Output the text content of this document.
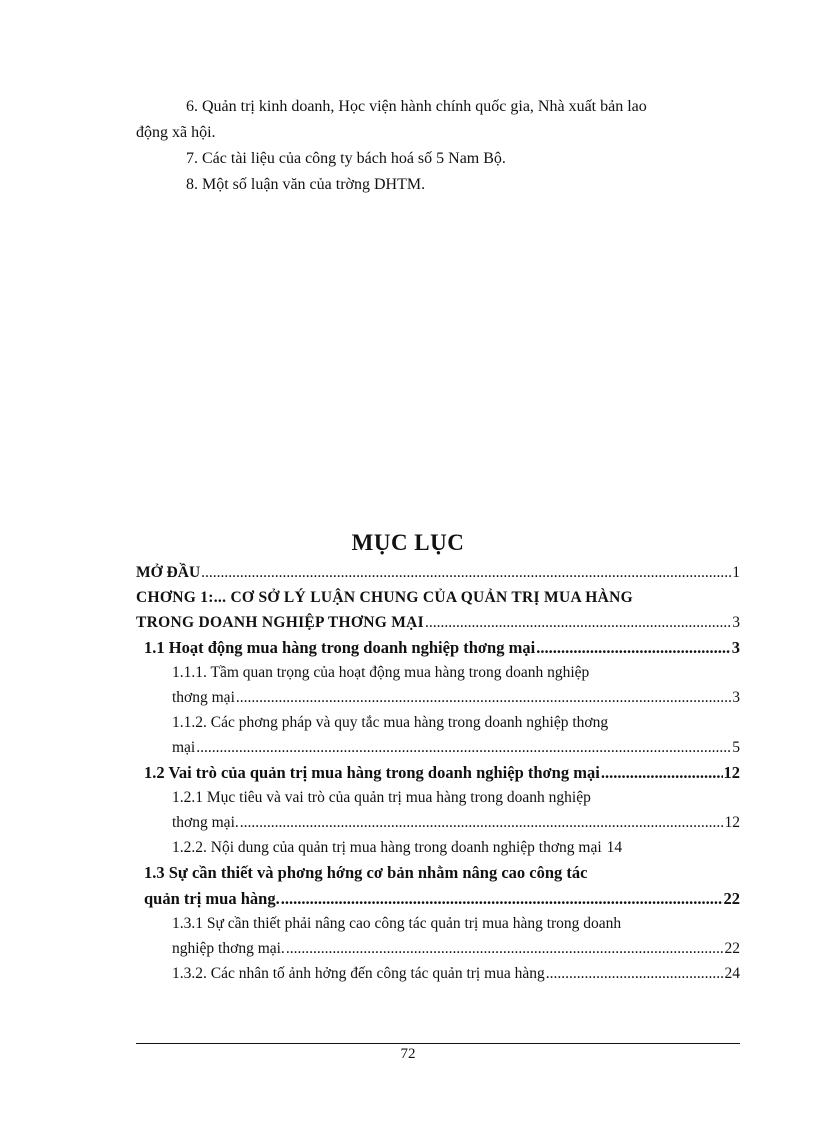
6. Quản trị kinh doanh, Học viện hành chính quốc gia, Nhà xuất bản lao

động xã hội.

7. Các tài liệu của công ty bách hoá số 5 Nam Bộ.

8. Một số luận văn của trờng DHTM.

MỤC LỤC
MỞ ĐẦU .....	1
CHƠNG 1:... CƠ SỞ LÝ LUẬN CHUNG CỦA QUẢN TRỊ MUA HÀNG
TRONG DOANH NGHIỆP THƠNG MẠI .....	3
1.1 Hoạt động mua hàng trong doanh nghiệp thơng mại .....	3
1.1.1. Tầm quan trọng của hoạt động mua hàng trong doanh nghiệp
thơng mại .....	3
1.1.2. Các phơng pháp và quy tắc mua hàng trong doanh nghiệp thơng
mại .....	5
1.2 Vai trò của quản trị mua hàng trong doanh nghiệp thơng mại .....	12
1.2.1 Mục tiêu và vai trò của quản trị mua hàng trong doanh nghiệp
thơng mại. .....	12
1.2.2. Nội dung của quản trị mua hàng trong doanh nghiệp thơng mại 14
1.3 Sự cần thiết và phơng hớng cơ bản nhằm nâng cao công tác
quản trị mua hàng. .....	22
1.3.1 Sự cần thiết phải nâng cao công tác quản trị mua hàng trong doanh
nghiệp thơng mại. .....	22
1.3.2. Các nhân tố ảnh hởng đến công tác quản trị mua hàng .....	24
72
